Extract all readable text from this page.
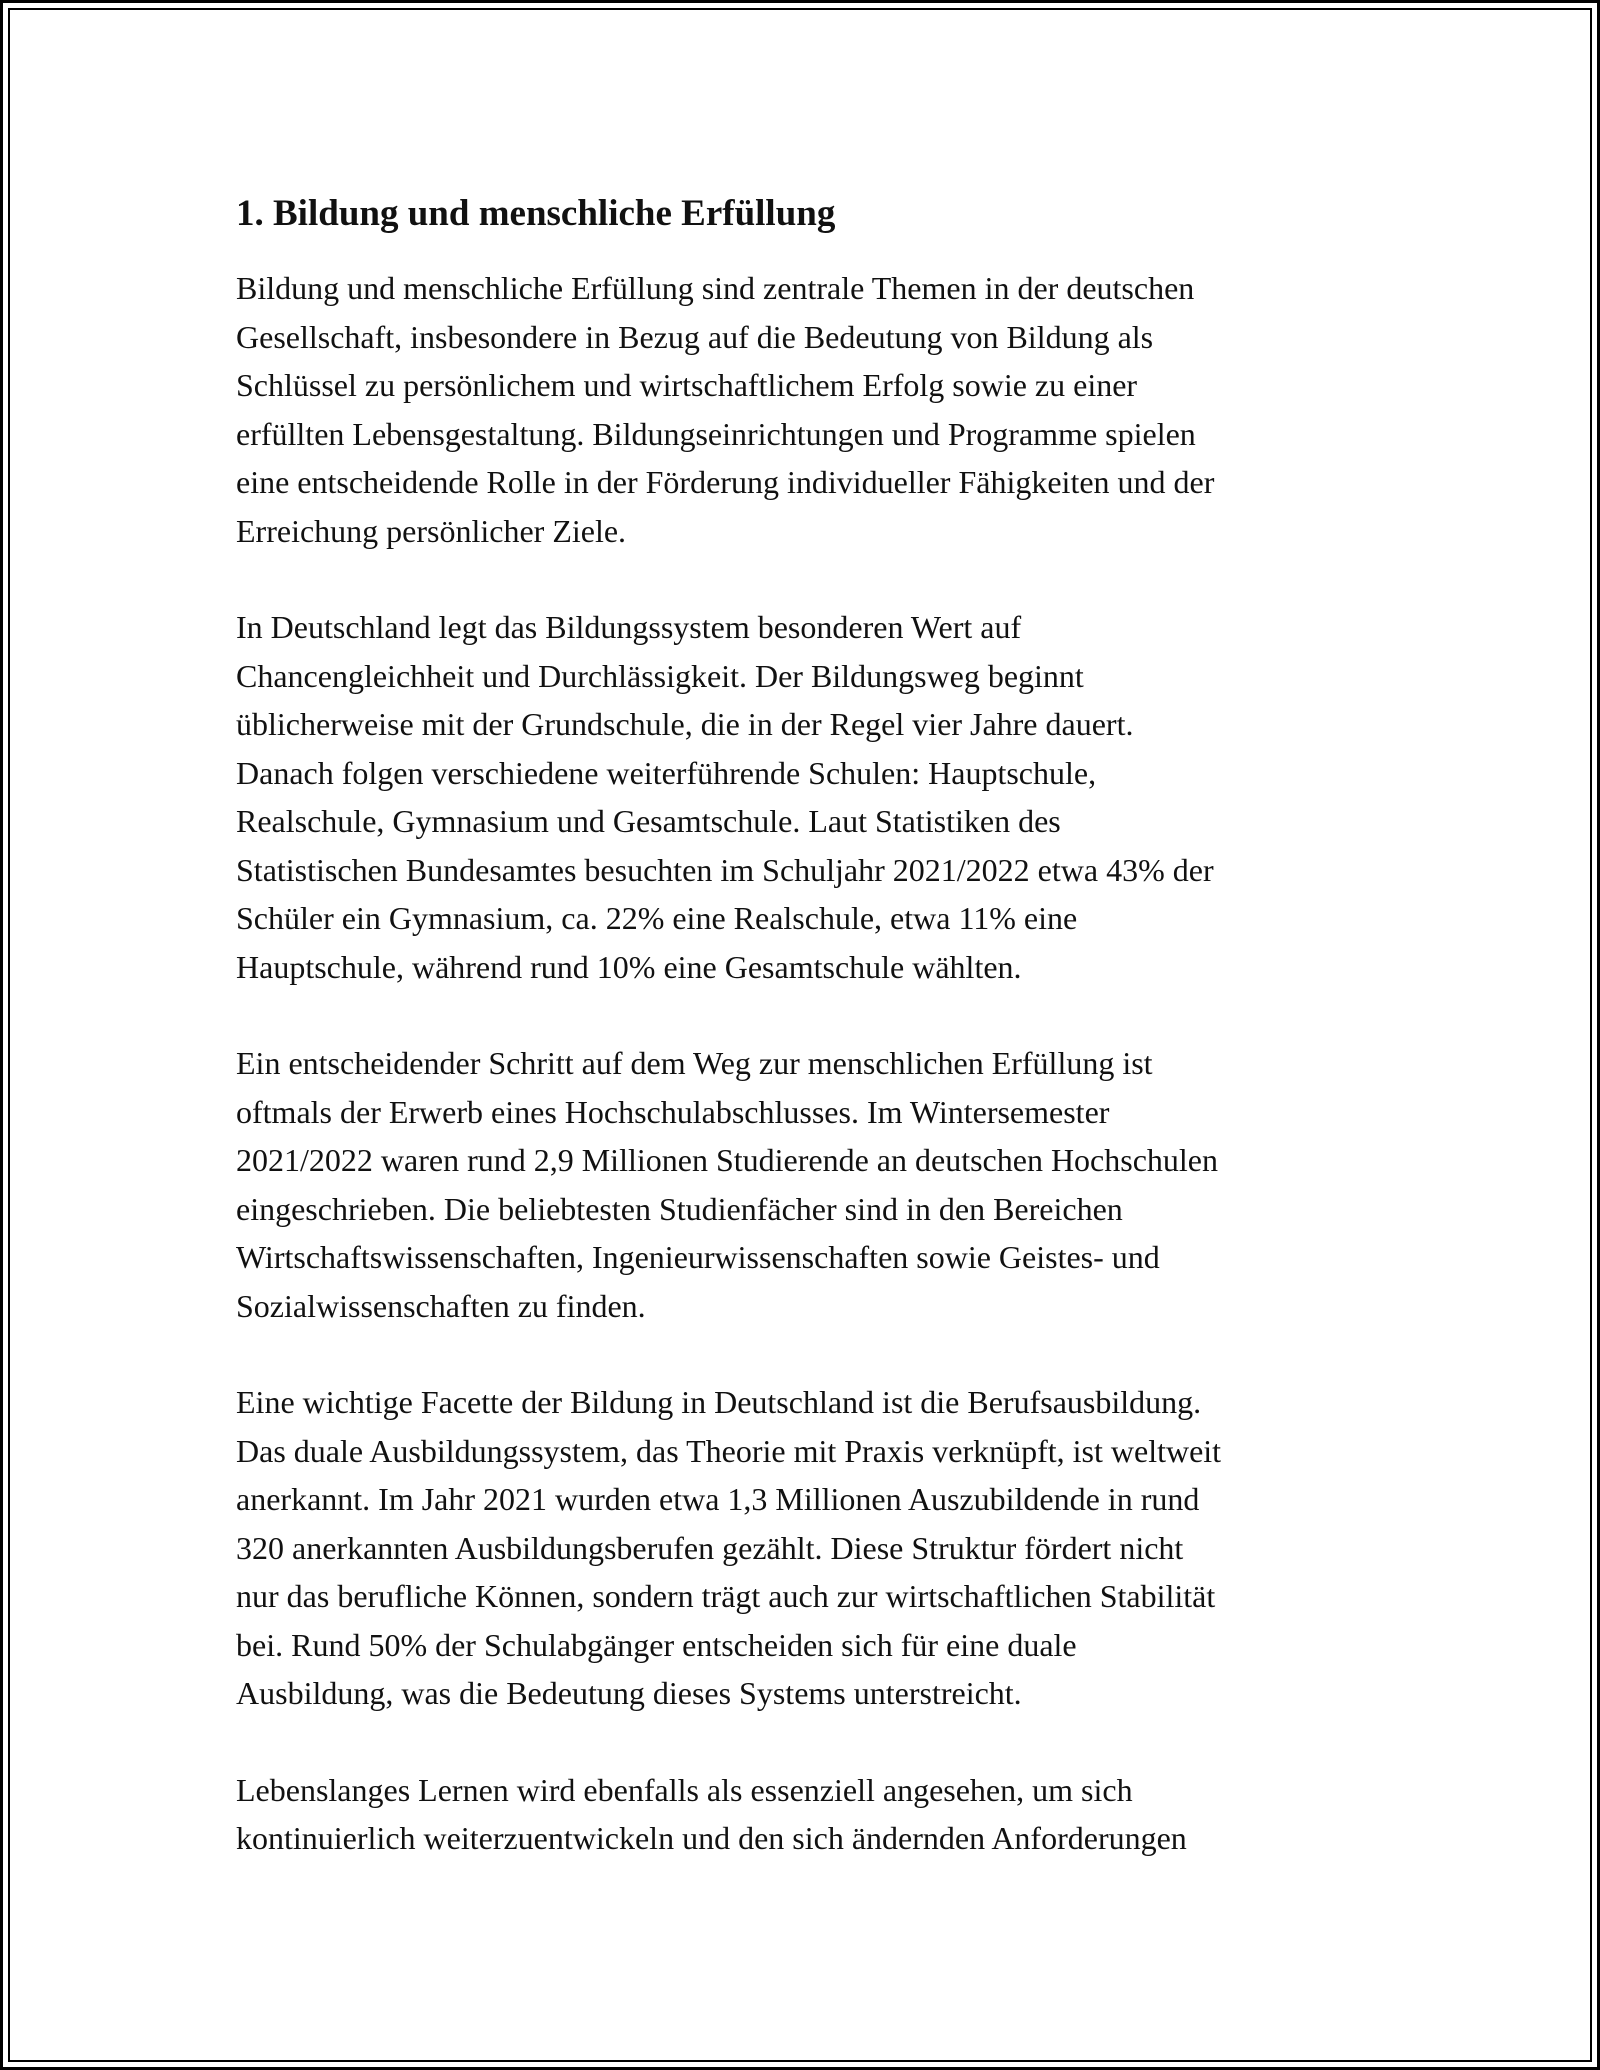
1. Bildung und menschliche Erfüllung

Bildung und menschliche Erfüllung sind zentrale Themen in der deutschen
Gesellschaft, insbesondere in Bezug auf die Bedeutung von Bildung als
Schlüssel zu persönlichem und wirtschaftlichem Erfolg sowie zu einer
erfüllten Lebensgestaltung. Bildungseinrichtungen und Programme spielen
eine entscheidende Rolle in der Förderung individueller Fähigkeiten und der
Erreichung persönlicher Ziele.

In Deutschland legt das Bildungssystem besonderen Wert auf
Chancengleichheit und Durchlässigkeit. Der Bildungsweg beginnt
üblicherweise mit der Grundschule, die in der Regel vier Jahre dauert.
Danach folgen verschiedene weiterführende Schulen: Hauptschule,
Realschule, Gymnasium und Gesamtschule. Laut Statistiken des
Statistischen Bundesamtes besuchten im Schuljahr 2021/2022 etwa 43% der
Schüler ein Gymnasium, ca. 22% eine Realschule, etwa 11% eine
Hauptschule, während rund 10% eine Gesamtschule wählten.

Ein entscheidender Schritt auf dem Weg zur menschlichen Erfüllung ist
oftmals der Erwerb eines Hochschulabschlusses. Im Wintersemester
2021/2022 waren rund 2,9 Millionen Studierende an deutschen Hochschulen
eingeschrieben. Die beliebtesten Studienfächer sind in den Bereichen
Wirtschaftswissenschaften, Ingenieurwissenschaften sowie Geistes- und
Sozialwissenschaften zu finden.

Eine wichtige Facette der Bildung in Deutschland ist die Berufsausbildung.
Das duale Ausbildungssystem, das Theorie mit Praxis verknüpft, ist weltweit
anerkannt. Im Jahr 2021 wurden etwa 1,3 Millionen Auszubildende in rund
320 anerkannten Ausbildungsberufen gezählt. Diese Struktur fördert nicht
nur das berufliche Können, sondern trägt auch zur wirtschaftlichen Stabilität
bei. Rund 50% der Schulabgänger entscheiden sich für eine duale
Ausbildung, was die Bedeutung dieses Systems unterstreicht.

Lebenslanges Lernen wird ebenfalls als essenziell angesehen, um sich
kontinuierlich weiterzuentwickeln und den sich ändernden Anforderungen
